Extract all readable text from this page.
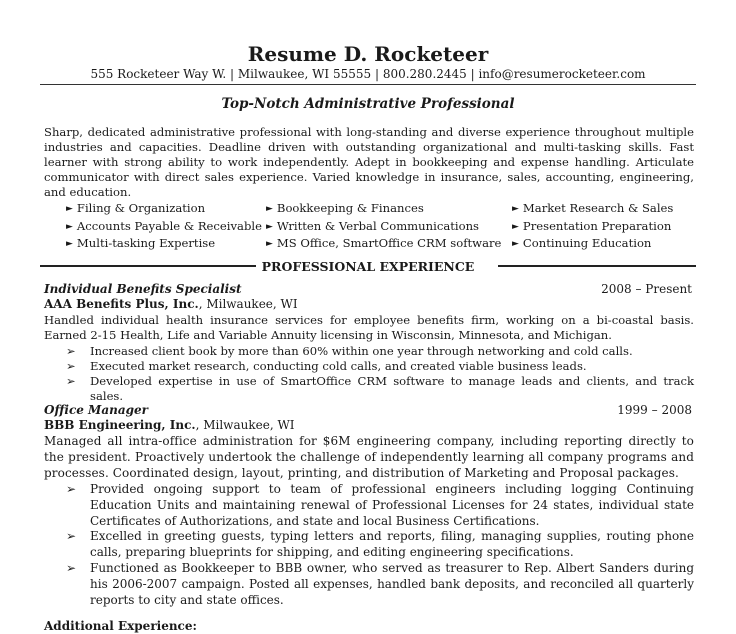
Resume D. Rocketeer
555 Rocketeer Way W. | Milwaukee, WI 55555 | 800.280.2445 | info@resumerocketeer.com
Top-Notch Administrative Professional
Sharp, dedicated administrative professional with long-standing and diverse experience throughout multiple industries and capacities. Deadline driven with outstanding organizational and multi-tasking skills. Fast learner with strong ability to work independently. Adept in bookkeeping and expense handling. Articulate communicator with direct sales experience. Varied knowledge in insurance, sales, accounting, engineering, and education.
► Filing & Organization
► Accounts Payable & Receivable
► Multi-tasking Expertise
► Bookkeeping & Finances
► Written & Verbal Communications
► MS Office, SmartOffice CRM software
► Market Research & Sales
► Presentation Preparation
► Continuing Education
PROFESSIONAL EXPERIENCE
Individual Benefits Specialist	2008 – Present
AAA Benefits Plus, Inc., Milwaukee, WI
Handled individual health insurance services for employee benefits firm, working on a bi-coastal basis. Earned 2-15 Health, Life and Variable Annuity licensing in Wisconsin, Minnesota, and Michigan.
➢ Increased client book by more than 60% within one year through networking and cold calls.
➢ Executed market research, conducting cold calls, and created viable business leads.
➢ Developed expertise in use of SmartOffice CRM software to manage leads and clients, and track sales.
Office Manager	1999 – 2008
BBB Engineering, Inc., Milwaukee, WI
Managed all intra-office administration for $6M engineering company, including reporting directly to the president. Proactively undertook the challenge of independently learning all company programs and processes. Coordinated design, layout, printing, and distribution of Marketing and Proposal packages.
➢ Provided ongoing support to team of professional engineers including logging Continuing Education Units and maintaining renewal of Professional Licenses for 24 states, individual state Certificates of Authorizations, and state and local Business Certifications.
➢ Excelled in greeting guests, typing letters and reports, filing, managing supplies, routing phone calls, preparing blueprints for shipping, and editing engineering specifications.
➢ Functioned as Bookkeeper to BBB owner, who served as treasurer to Rep. Albert Sanders during his 2006-2007 campaign. Posted all expenses, handled bank deposits, and reconciled all quarterly reports to city and state offices.
Additional Experience:
